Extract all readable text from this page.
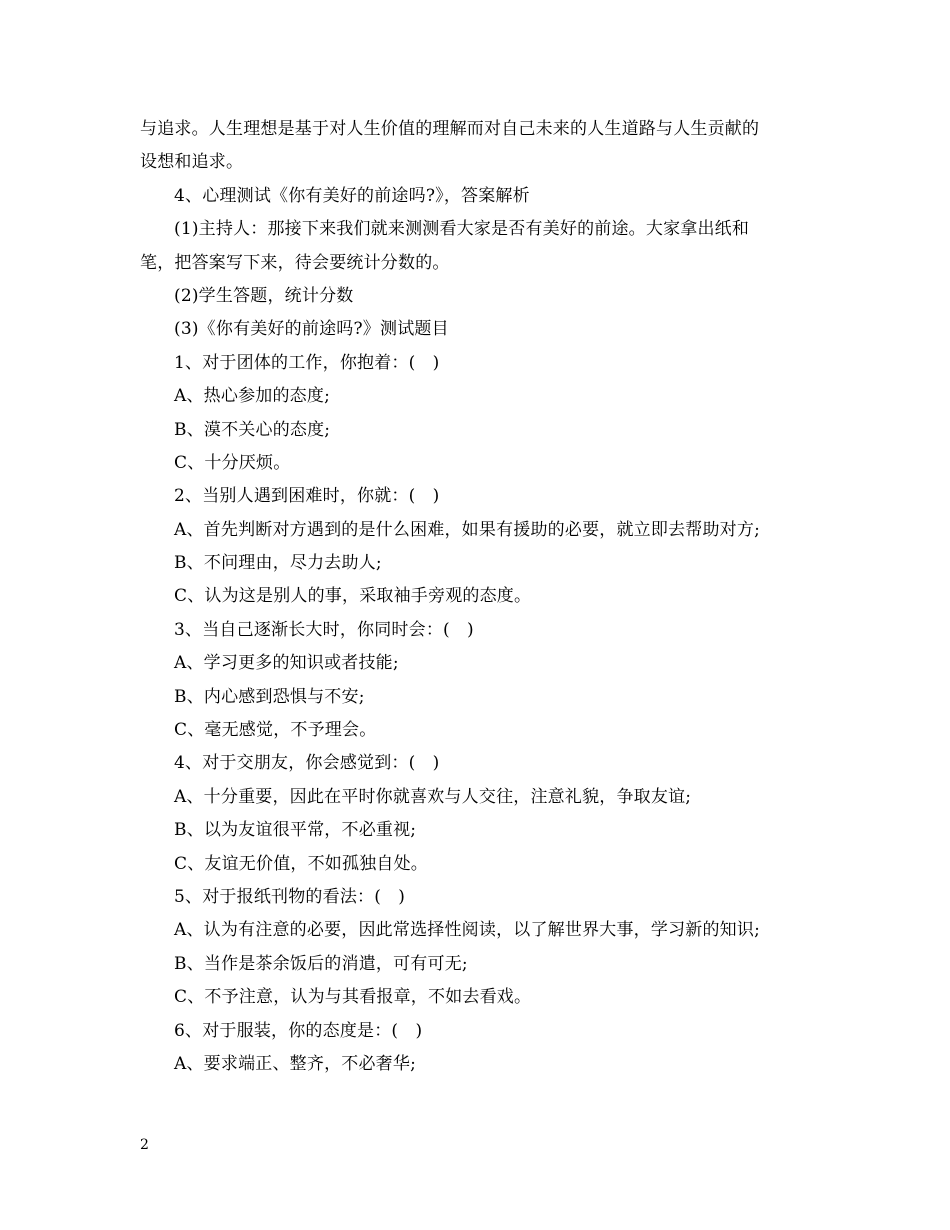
与追求。人生理想是基于对人生价值的理解而对自己未来的人生道路与人生贡献的
设想和追求。
4、心理测试《你有美好的前途吗?》，答案解析
(1)主持人：那接下来我们就来测测看大家是否有美好的前途。大家拿出纸和
笔，把答案写下来，待会要统计分数的。
(2)学生答题，统计分数
(3)《你有美好的前途吗?》测试题目
1、对于团体的工作，你抱着：(　)
A、热心参加的态度;
B、漠不关心的态度;
C、十分厌烦。
2、当别人遇到困难时，你就：(　)
A、首先判断对方遇到的是什么困难，如果有援助的必要，就立即去帮助对方;
B、不问理由，尽力去助人;
C、认为这是别人的事，采取袖手旁观的态度。
3、当自己逐渐长大时，你同时会：(　)
A、学习更多的知识或者技能;
B、内心感到恐惧与不安;
C、毫无感觉，不予理会。
4、对于交朋友，你会感觉到：(　)
A、十分重要，因此在平时你就喜欢与人交往，注意礼貌，争取友谊;
B、以为友谊很平常，不必重视;
C、友谊无价值，不如孤独自处。
5、对于报纸刊物的看法：(　)
A、认为有注意的必要，因此常选择性阅读，以了解世界大事，学习新的知识;
B、当作是茶余饭后的消遣，可有可无;
C、不予注意，认为与其看报章，不如去看戏。
6、对于服装，你的态度是：(　)
A、要求端正、整齐，不必奢华;
2
